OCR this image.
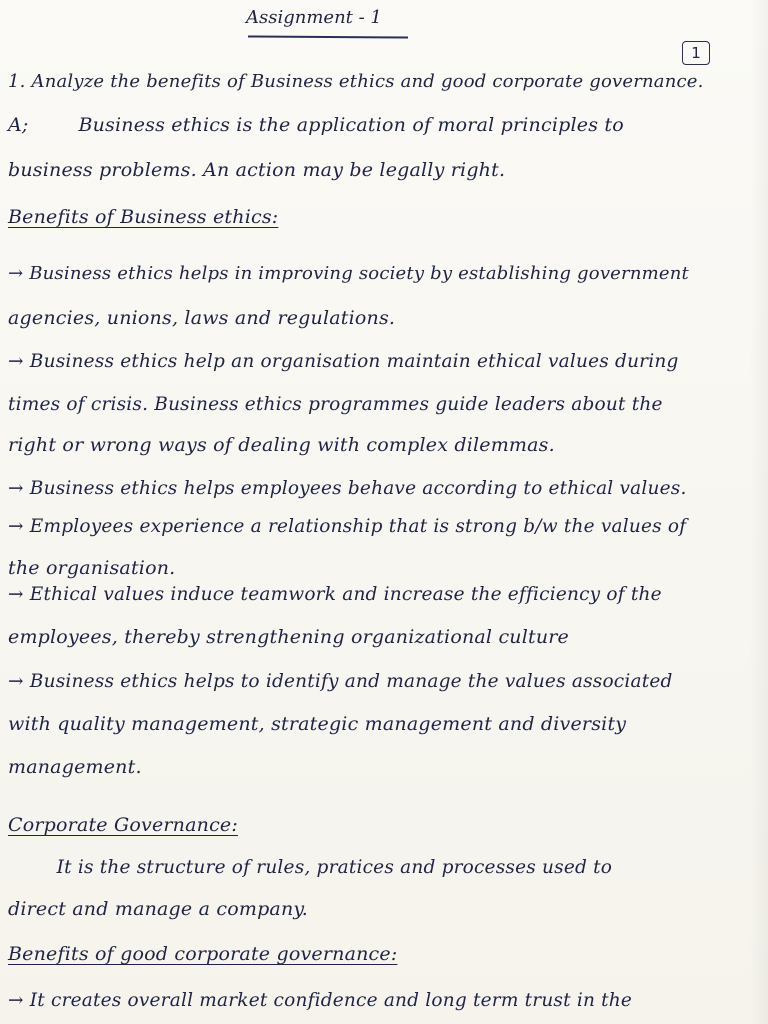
Assignment - 1
1
1. Analyze the benefits of Business ethics and good corporate governance.
A;        Business ethics is the application of moral principles to
business problems. An action may be legally right.
Benefits of Business ethics:
→ Business ethics helps in improving society by establishing government
agencies, unions, laws and regulations.
→ Business ethics help an organisation maintain ethical values during
times of crisis. Business ethics programmes guide leaders about the
right or wrong ways of dealing with complex dilemmas.
→ Business ethics helps employees behave according to ethical values.
→ Employees experience a relationship that is strong b/w the values of
the organisation.
→ Ethical values induce teamwork and increase the efficiency of the
employees, thereby strengthening organizational culture
→ Business ethics helps to identify and manage the values associated
with quality management, strategic management and diversity
management.
Corporate Governance:
It is the structure of rules, pratices and processes used to
direct and manage a company.
Benefits of good corporate governance:
→ It creates overall market confidence and long term trust in the
